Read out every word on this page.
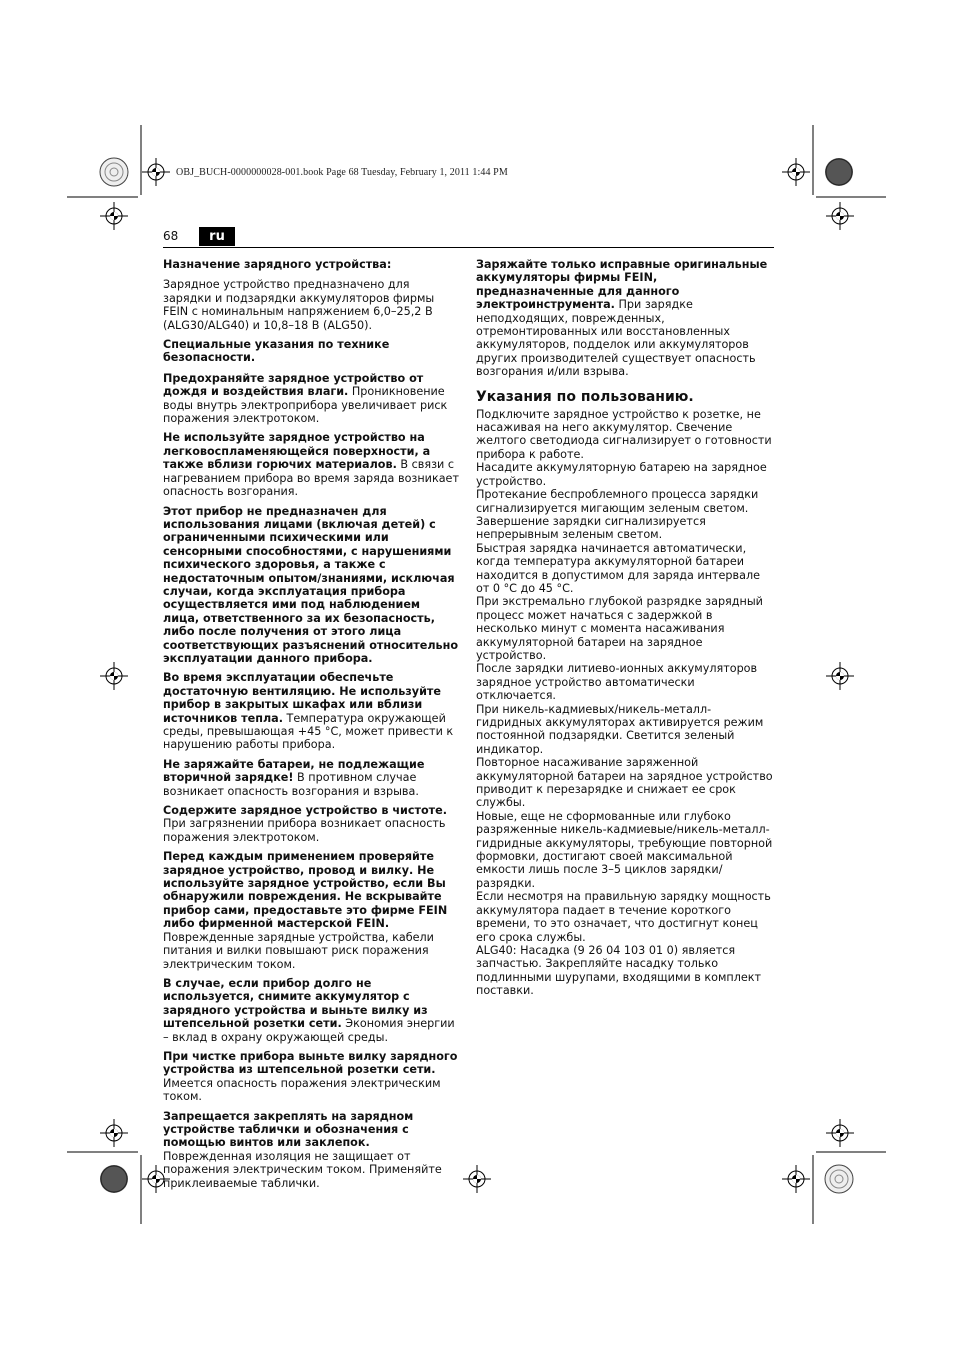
OBJ_BUCH-0000000028-001.book Page 68 Tuesday, February 1, 2011 1:44 PM
68	ru
Назначение зарядного устройства:

Зарядное устройство предназначено для зарядки и подзарядки аккумуляторов фирмы FEIN с номинальным напряжением 6,0–25,2 В (ALG30/ALG40) и 10,8–18 В (ALG50).

Специальные указания по технике безопасности.

Предохраняйте зарядное устройство от дождя и воздействия влаги. Проникновение воды внутрь электроприбора увеличивает риск поражения электротоком.

Не используйте зарядное устройство на легковоспламеняющейся поверхности, а также вблизи горючих материалов. В связи с нагреванием прибора во время заряда возникает опасность возгорания.

Этот прибор не предназначен для использования лицами (включая детей) с ограниченными психическими или сенсорными способностями, с нарушениями психического здоровья, а также с недостаточным опытом/знаниями, исключая случаи, когда эксплуатация прибора осуществляется ими под наблюдением лица, ответственного за их безопасность, либо после получения от этого лица соответствующих разъяснений относительно эксплуатации данного прибора.

Во время эксплуатации обеспечьте достаточную вентиляцию. Не используйте прибор в закрытых шкафах или вблизи источников тепла. Температура окружающей среды, превышающая +45 °C, может привести к нарушению работы прибора.

Не заряжайте батареи, не подлежащие вторичной зарядке! В противном случае возникает опасность возгорания и взрыва.

Содержите зарядное устройство в чистоте. При загрязнении прибора возникает опасность поражения электротоком.

Перед каждым применением проверяйте зарядное устройство, провод и вилку. Не используйте зарядное устройство, если Вы обнаружили повреждения. Не вскрывайте прибор сами, предоставьте это фирме FEIN либо фирменной мастерской FEIN. Поврежденные зарядные устройства, кабели питания и вилки повышают риск поражения электрическим током.

В случае, если прибор долго не используется, снимите аккумулятор с зарядного устройства и выньте вилку из штепсельной розетки сети. Экономия энергии – вклад в охрану окружающей среды.

При чистке прибора выньте вилку зарядного устройства из штепсельной розетки сети. Имеется опасность поражения электрическим током.

Запрещается закреплять на зарядном устройстве таблички и обозначения с помощью винтов или заклепок. Поврежденная изоляция не защищает от поражения электрическим током. Применяйте приклеиваемые таблички.

Заряжайте только исправные оригинальные аккумуляторы фирмы FEIN, предназначенные для данного электроинструмента. При зарядке неподходящих, поврежденных, отремонтированных или восстановленных аккумуляторов, подделок или аккумуляторов других производителей существует опасность возгорания и/или взрыва.

Указания по пользованию.

Подключите зарядное устройство к розетке, не насаживая на него аккумулятор. Свечение желтого светодиода сигнализирует о готовности прибора к работе.

Насадите аккумуляторную батарею на зарядное устройство.

Протекание беспроблемного процесса зарядки сигнализируется мигающим зеленым светом.

Завершение зарядки сигнализируется непрерывным зеленым светом.

Быстрая зарядка начинается автоматически, когда температура аккумуляторной батареи находится в допустимом для заряда интервале от 0 °C до 45 °C.

При экстремально глубокой разрядке зарядный процесс может начаться с задержкой в несколько минут с момента насаживания аккумуляторной батареи на зарядное устройство.

После зарядки литиево-ионных аккумуляторов зарядное устройство автоматически отключается.

При никель-кадмиевых/никель-металл-гидридных аккумуляторах активируется режим постоянной подзарядки. Светится зеленый индикатор.

Повторное насаживание заряженной аккумуляторной батареи на зарядное устройство приводит к перезарядке и снижает ее срок службы.

Новые, еще не сформованные или глубоко разряженные никель-кадмиевые/никель-металл-гидридные аккумуляторы, требующие повторной формовки, достигают своей максимальной емкости лишь после 3–5 циклов зарядки/разрядки.

Если несмотря на правильную зарядку мощность аккумулятора падает в течение короткого времени, то это означает, что достигнут конец его срока службы.

ALG40: Насадка (9 26 04 103 01 0) является запчастью. Закрепляйте насадку только подлинными шурупами, входящими в комплект поставки.
